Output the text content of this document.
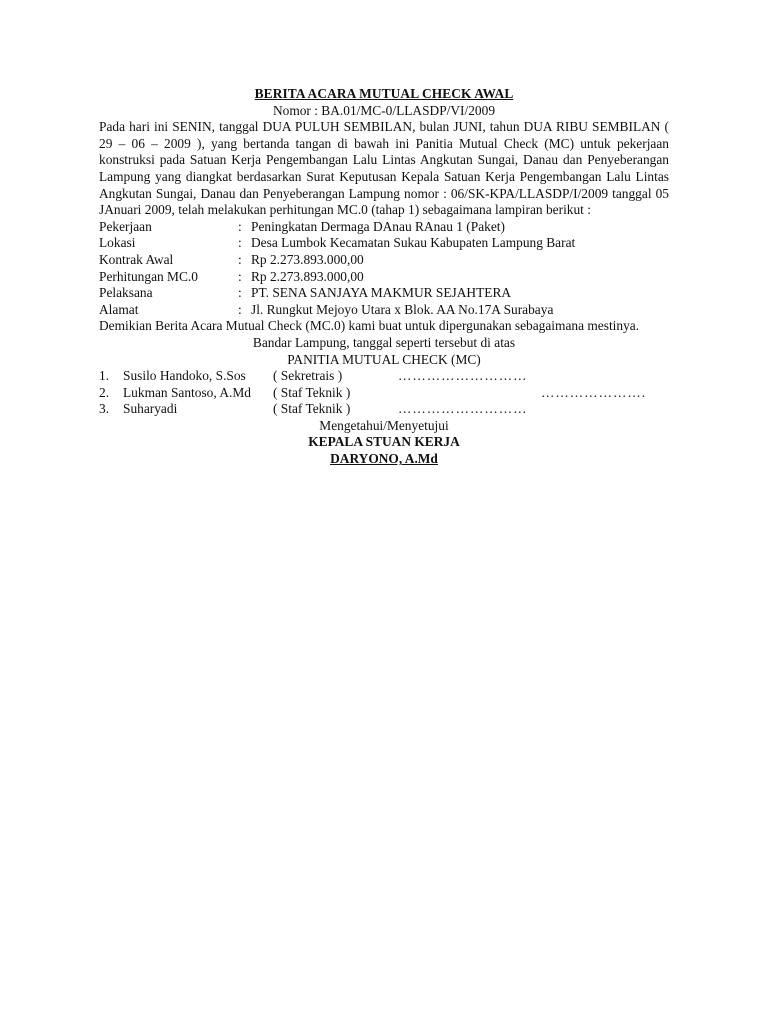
BERITA ACARA MUTUAL CHECK AWAL
Nomor : BA.01/MC-0/LLASDP/VI/2009
Pada hari ini SENIN, tanggal DUA PULUH SEMBILAN, bulan JUNI, tahun DUA RIBU SEMBILAN ( 29 – 06 – 2009 ), yang bertanda tangan di bawah ini Panitia Mutual Check (MC) untuk pekerjaan konstruksi pada Satuan Kerja Pengembangan Lalu Lintas Angkutan Sungai, Danau dan Penyeberangan Lampung yang diangkat berdasarkan Surat Keputusan Kepala Satuan Kerja Pengembangan Lalu Lintas Angkutan Sungai, Danau dan Penyeberangan Lampung nomor : 06/SK-KPA/LLASDP/I/2009 tanggal 05 JAnuari 2009, telah melakukan perhitungan MC.0 (tahap 1) sebagaimana lampiran berikut :
Pekerjaan	: Peningkatan Dermaga DAnau RAnau 1 (Paket)
Lokasi	: Desa Lumbok Kecamatan Sukau Kabupaten Lampung Barat
Kontrak Awal	: Rp 2.273.893.000,00
Perhitungan MC.0	: Rp 2.273.893.000,00
Pelaksana	: PT. SENA SANJAYA MAKMUR SEJAHTERA
Alamat	: Jl. Rungkut Mejoyo Utara x Blok. AA No.17A Surabaya
Demikian Berita Acara Mutual Check (MC.0) kami buat untuk dipergunakan sebagaimana mestinya.
Bandar Lampung, tanggal seperti tersebut di atas
PANITIA MUTUAL CHECK (MC)
1.	Susilo Handoko, S.Sos	( Sekretrais )	………………………
2.	Lukman Santoso, A.Md	( Staf Teknik )	………………….
3.	Suharyadi	( Staf Teknik )	………………………
Mengetahui/Menyetujui
KEPALA STUAN KERJA
DARYONO, A.Md
